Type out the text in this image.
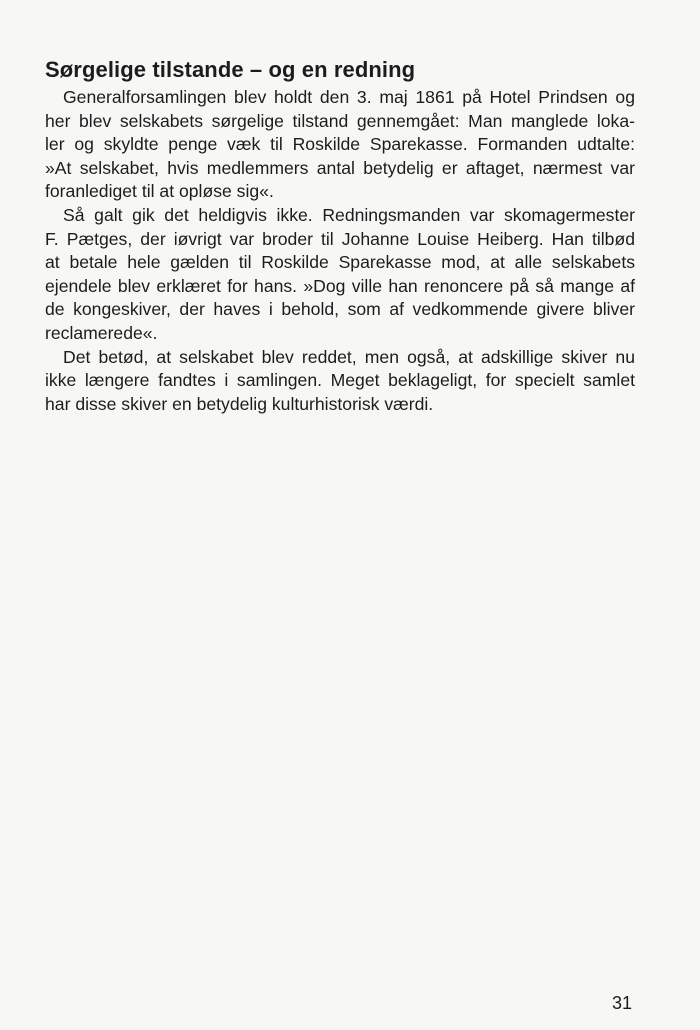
Sørgelige tilstande – og en redning

Generalforsamlingen blev holdt den 3. maj 1861 på Hotel Prindsen og

her blev selskabets sørgelige tilstand gennemgået: Man manglede loka-
ler og skyldte penge væk til Roskilde Sparekasse. Formanden udtalte:
»At selskabet, hvis medlemmers antal betydelig er aftaget, nærmest var
foranlediget til at opløse sig«.

Så galt gik det heldigvis ikke. Redningsmanden var skomagermester

F. Pætges, der iøvrigt var broder til Johanne Louise Heiberg. Han tilbød
at betale hele gælden til Roskilde Sparekasse mod, at alle selskabets
ejendele blev erklæret for hans. »Dog ville han renoncere på så mange af
de kongeskiver, der haves i behold, som af vedkommende givere bliver
reclamerede«.

Det betød, at selskabet blev reddet, men også, at adskillige skiver nu

ikke længere fandtes i samlingen. Meget beklageligt, for specielt samlet
har disse skiver en betydelig kulturhistorisk værdi.

31
